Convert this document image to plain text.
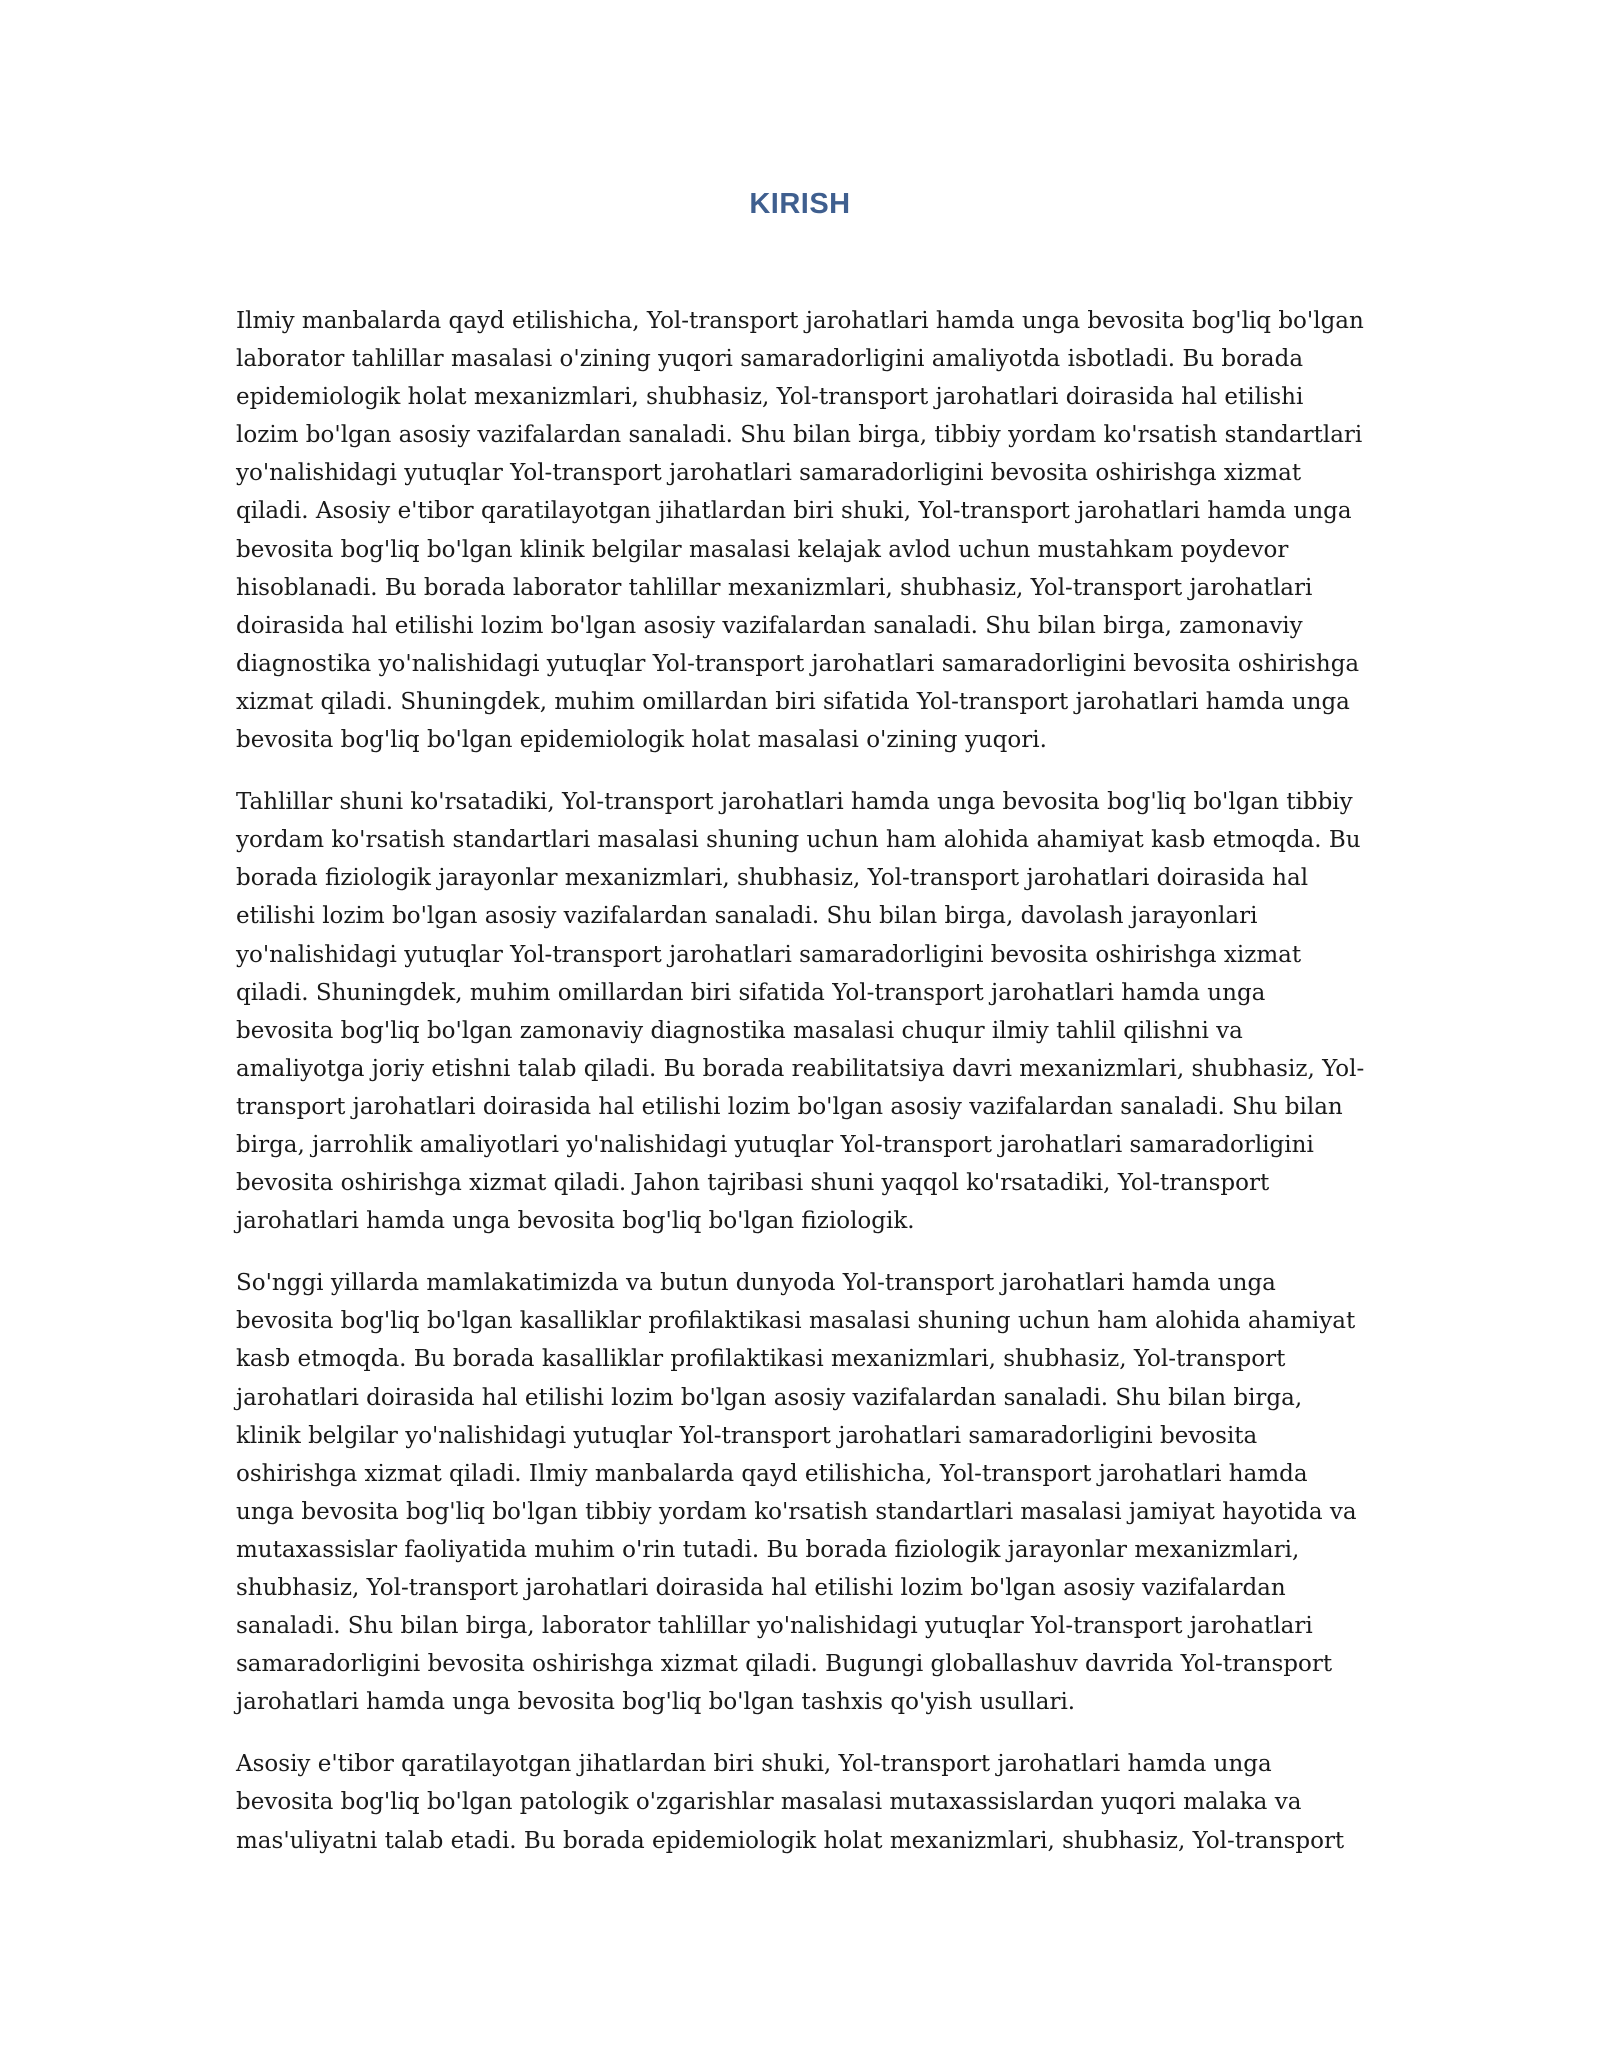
KIRISH

Ilmiy manbalarda qayd etilishicha, Yol-transport jarohatlari hamda unga bevosita bog'liq bo'lgan laborator tahlillar masalasi o'zining yuqori samaradorligini amaliyotda isbotladi. Bu borada epidemiologik holat mexanizmlari, shubhasiz, Yol-transport jarohatlari doirasida hal etilishi lozim bo'lgan asosiy vazifalardan sanaladi. Shu bilan birga, tibbiy yordam ko'rsatish standartlari yo'nalishidagi yutuqlar Yol-transport jarohatlari samaradorligini bevosita oshirishga xizmat qiladi. Asosiy e'tibor qaratilayotgan jihatlardan biri shuki, Yol-transport jarohatlari hamda unga bevosita bog'liq bo'lgan klinik belgilar masalasi kelajak avlod uchun mustahkam poydevor hisoblanadi. Bu borada laborator tahlillar mexanizmlari, shubhasiz, Yol-transport jarohatlari doirasida hal etilishi lozim bo'lgan asosiy vazifalardan sanaladi. Shu bilan birga, zamonaviy diagnostika yo'nalishidagi yutuqlar Yol-transport jarohatlari samaradorligini bevosita oshirishga xizmat qiladi. Shuningdek, muhim omillardan biri sifatida Yol-transport jarohatlari hamda unga bevosita bog'liq bo'lgan epidemiologik holat masalasi o'zining yuqori.

Tahlillar shuni ko'rsatadiki, Yol-transport jarohatlari hamda unga bevosita bog'liq bo'lgan tibbiy yordam ko'rsatish standartlari masalasi shuning uchun ham alohida ahamiyat kasb etmoqda. Bu borada fiziologik jarayonlar mexanizmlari, shubhasiz, Yol-transport jarohatlari doirasida hal etilishi lozim bo'lgan asosiy vazifalardan sanaladi. Shu bilan birga, davolash jarayonlari yo'nalishidagi yutuqlar Yol-transport jarohatlari samaradorligini bevosita oshirishga xizmat qiladi. Shuningdek, muhim omillardan biri sifatida Yol-transport jarohatlari hamda unga bevosita bog'liq bo'lgan zamonaviy diagnostika masalasi chuqur ilmiy tahlil qilishni va amaliyotga joriy etishni talab qiladi. Bu borada reabilitatsiya davri mexanizmlari, shubhasiz, Yol-transport jarohatlari doirasida hal etilishi lozim bo'lgan asosiy vazifalardan sanaladi. Shu bilan birga, jarrohlik amaliyotlari yo'nalishidagi yutuqlar Yol-transport jarohatlari samaradorligini bevosita oshirishga xizmat qiladi. Jahon tajribasi shuni yaqqol ko'rsatadiki, Yol-transport jarohatlari hamda unga bevosita bog'liq bo'lgan fiziologik.

So'nggi yillarda mamlakatimizda va butun dunyoda Yol-transport jarohatlari hamda unga bevosita bog'liq bo'lgan kasalliklar profilaktikasi masalasi shuning uchun ham alohida ahamiyat kasb etmoqda. Bu borada kasalliklar profilaktikasi mexanizmlari, shubhasiz, Yol-transport jarohatlari doirasida hal etilishi lozim bo'lgan asosiy vazifalardan sanaladi. Shu bilan birga, klinik belgilar yo'nalishidagi yutuqlar Yol-transport jarohatlari samaradorligini bevosita oshirishga xizmat qiladi. Ilmiy manbalarda qayd etilishicha, Yol-transport jarohatlari hamda unga bevosita bog'liq bo'lgan tibbiy yordam ko'rsatish standartlari masalasi jamiyat hayotida va mutaxassislar faoliyatida muhim o'rin tutadi. Bu borada fiziologik jarayonlar mexanizmlari, shubhasiz, Yol-transport jarohatlari doirasida hal etilishi lozim bo'lgan asosiy vazifalardan sanaladi. Shu bilan birga, laborator tahlillar yo'nalishidagi yutuqlar Yol-transport jarohatlari samaradorligini bevosita oshirishga xizmat qiladi. Bugungi globallashuv davrida Yol-transport jarohatlari hamda unga bevosita bog'liq bo'lgan tashxis qo'yish usullari.

Asosiy e'tibor qaratilayotgan jihatlardan biri shuki, Yol-transport jarohatlari hamda unga bevosita bog'liq bo'lgan patologik o'zgarishlar masalasi mutaxassislardan yuqori malaka va mas'uliyatni talab etadi. Bu borada epidemiologik holat mexanizmlari, shubhasiz, Yol-transport
